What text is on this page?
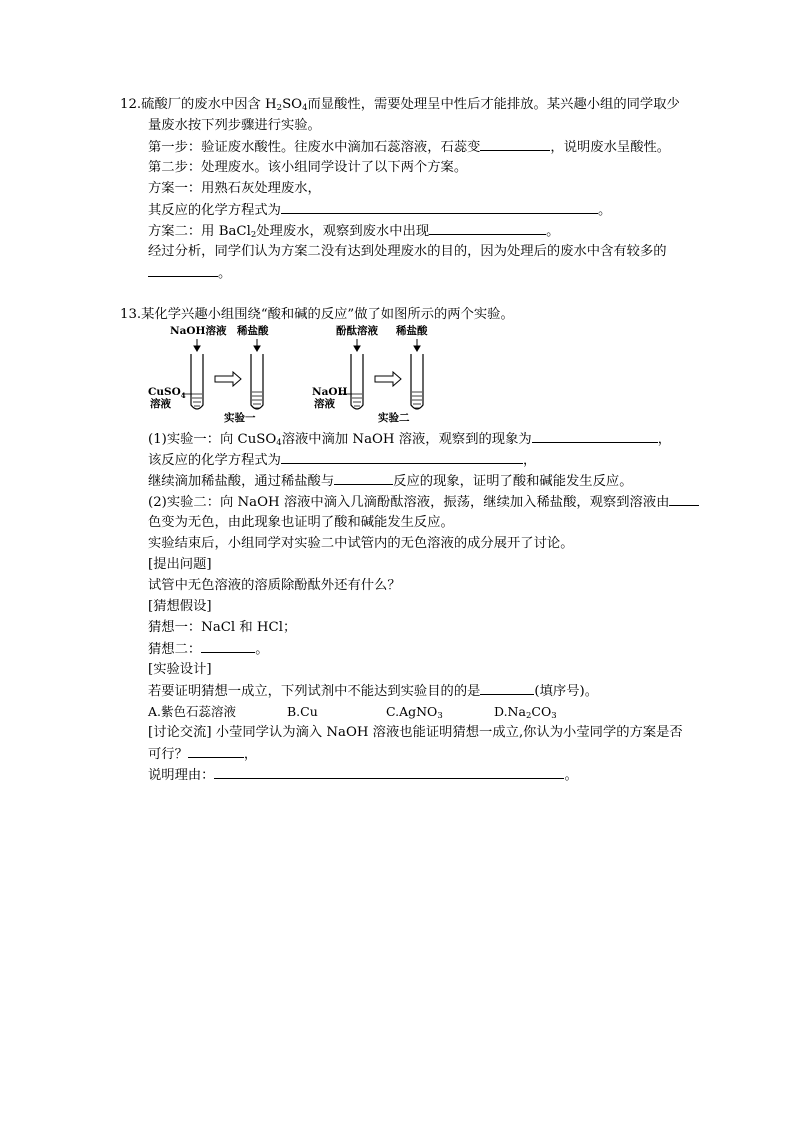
12.硫酸厂的废水中因含 $H_2SO_4$而显酸性，需要处理呈中性后才能排放。某兴趣小组的同学取少
量废水按下列步骤进行实验。
第一步：验证废水酸性。往废水中滴加石蕊溶液，石蕊变	，说明废水呈酸性。
第二步：处理废水。该小组同学设计了以下两个方案。
方案一：用熟石灰处理废水，
其反应的化学方程式为	。
方案二：用 BaCl$_2$处理废水，观察到废水中出现	。
经过分析，同学们认为方案二没有达到处理废水的目的，因为处理后的废水中含有较多的
。
13.某化学兴趣小组围绕“酸和碱的反应”做了如图所示的两个实验。
NaOH溶液 稀盐酸
CuSO$_4$
溶液
实验一
酚酞溶液 稀盐酸
NaOH
溶液
实验二
(1)实验一：向 CuSO$_4$溶液中滴加 NaOH 溶液，观察到的现象为	，
该反应的化学方程式为	，
继续滴加稀盐酸，通过稀盐酸与	反应的现象，证明了酸和碱能发生反应。
(2)实验二：向 NaOH 溶液中滴入几滴酚酞溶液，振荡，继续加入稀盐酸，观察到溶液由
色变为无色，由此现象也证明了酸和碱能发生反应。
实验结束后，小组同学对实验二中试管内的无色溶液的成分展开了讨论。
[提出问题]
试管中无色溶液的溶质除酚酞外还有什么？
[猜想假设]
猜想一：NaCl 和 HCl；
猜想二：	。
[实验设计]
若要证明猜想一成立，下列试剂中不能达到实验目的的是	(填序号)。
A.紫色石蕊溶液	B.Cu	C.AgNO$_3$	$D.Na_2CO_3$
[讨论交流] 小莹同学认为滴入 NaOH 溶液也能证明猜想一成立,你认为小莹同学的方案是否
可行？	，
说明理由：	。
